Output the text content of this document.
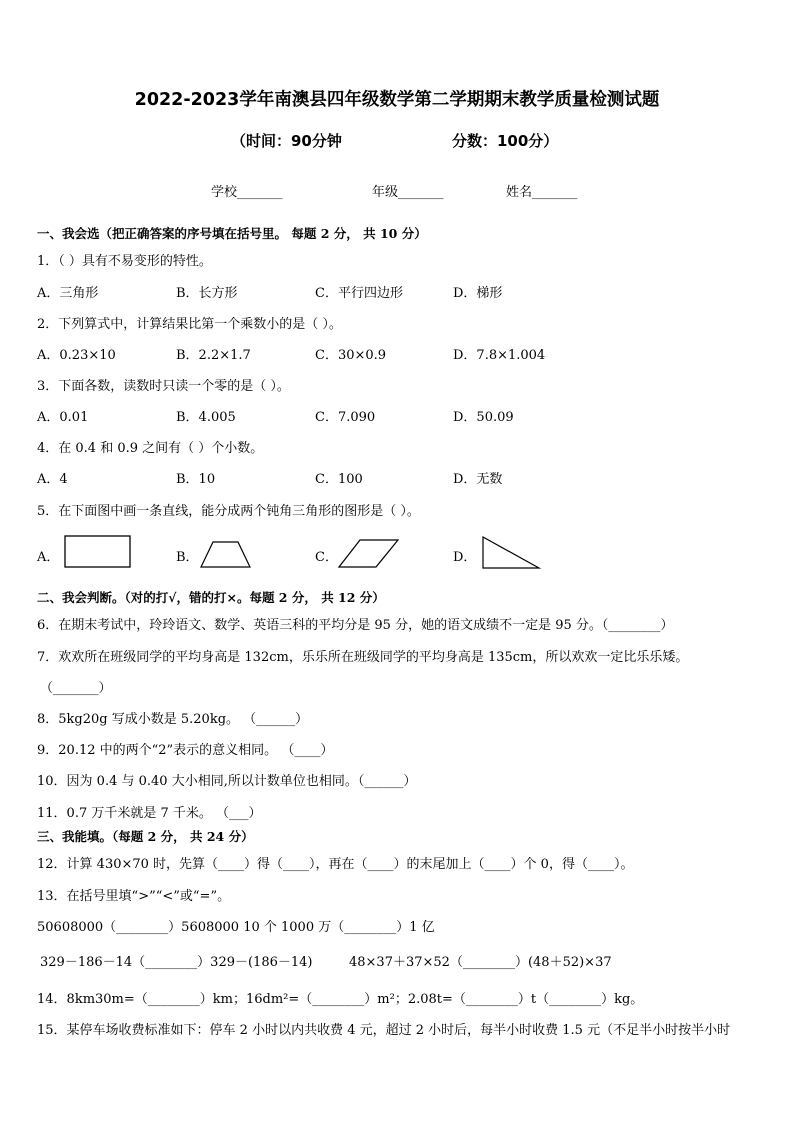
2022-2023学年南澳县四年级数学第二学期期末教学质量检测试题
（时间：90分钟	分数：100分）
学校_______	年级_______	姓名_______
一、我会选（把正确答案的序号填在括号里。 每题 2 分， 共 10 分）
1．（ ）具有不易变形的特性。
A．三角形	B．长方形	C．平行四边形	D．梯形
2．下列算式中，计算结果比第一个乘数小的是（ ）。
A．0.23×10	B．2.2×1.7	C．30×0.9	D．7.8×1.004
3．下面各数，读数时只读一个零的是（ ）。
A．0.01	B．4.005	C．7.090	D．50.09
4．在 0.4 和 0.9 之间有（ ）个小数。
A．4	B．10	C．100	D．无数
5．在下面图中画一条直线，能分成两个钝角三角形的图形是（ ）。
A．	B．	C．	D．
二、我会判断。（对的打√，错的打×。每题 2 分， 共 12 分）
6．在期末考试中，玲玲语文、数学、英语三科的平均分是 95 分，她的语文成绩不一定是 95 分。（________）
7．欢欢所在班级同学的平均身高是 132cm，乐乐所在班级同学的平均身高是 135cm，所以欢欢一定比乐乐矮。
（_______）
8．5kg20g 写成小数是 5.20kg。 （______）
9．20.12 中的两个“2”表示的意义相同。 （____）
10．因为 0.4 与 0.40 大小相同,所以计数单位也相同。（______）
11．0.7 万千米就是 7 千米。 （___）
三、我能填。（每题 2 分， 共 24 分）
12．计算 430×70 时，先算（____）得（____），再在（____）的末尾加上（____）个 0，得（____）。
13．在括号里填“>”“<”或“=”。
50608000（________）5608000 10 个 1000 万（________）1 亿
329－186－14（________）329－(186－14)	48×37＋37×52（________）(48＋52)×37
14．8km30m=（________）km；16dm²=（________）m²；2.08t=（________）t（________）kg。
15．某停车场收费标准如下：停车 2 小时以内共收费 4 元，超过 2 小时后，每半小时收费 1.5 元（不足半小时按半小时
